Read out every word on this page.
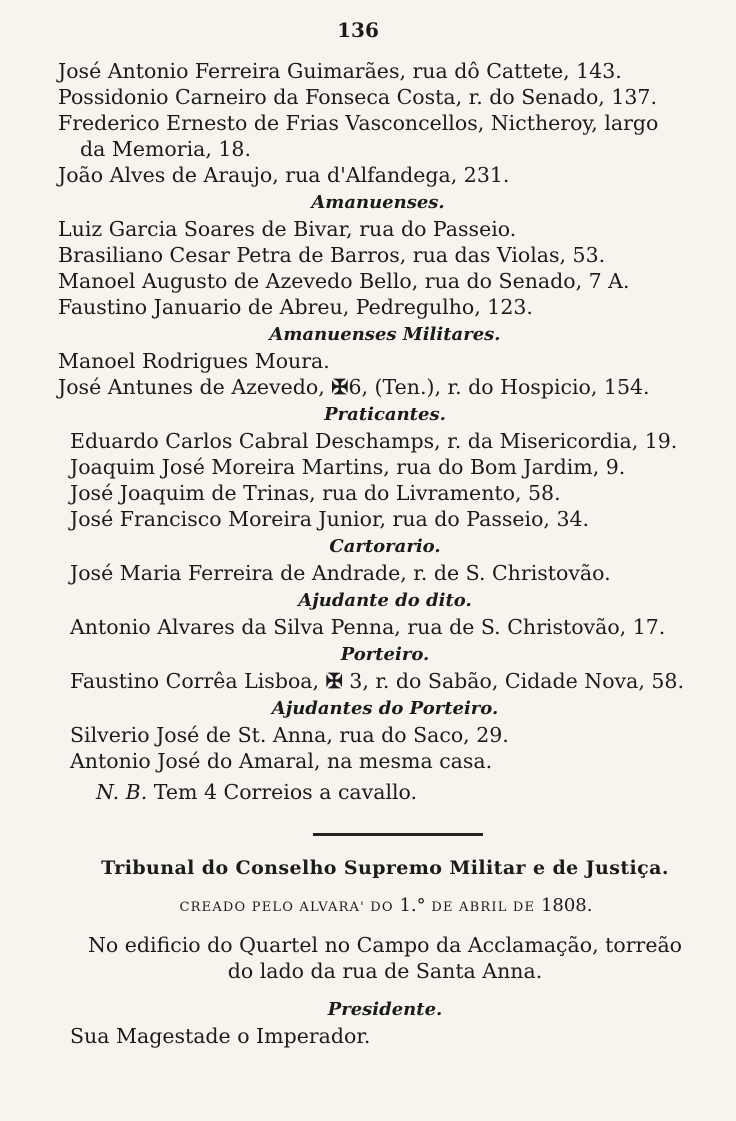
136
José Antonio Ferreira Guimarães, rua dô Cattete, 143.
Possidonio Carneiro da Fonseca Costa, r. do Senado, 137.
Frederico Ernesto de Frias Vasconcellos, Nictheroy, largo
da Memoria, 18.
João Alves de Araujo, rua d'Alfandega, 231.
Amanuenses.
Luiz Garcia Soares de Bivar, rua do Passeio.
Brasiliano Cesar Petra de Barros, rua das Violas, 53.
Manoel Augusto de Azevedo Bello, rua do Senado, 7 A.
Faustino Januario de Abreu, Pedregulho, 123.
Amanuenses Militares.
Manoel Rodrigues Moura.
José Antunes de Azevedo, ✠6, (Ten.), r. do Hospicio, 154.
Praticantes.
Eduardo Carlos Cabral Deschamps, r. da Misericordia, 19.
Joaquim José Moreira Martins, rua do Bom Jardim, 9.
José Joaquim de Trinas, rua do Livramento, 58.
José Francisco Moreira Junior, rua do Passeio, 34.
Cartorario.
José Maria Ferreira de Andrade, r. de S. Christovão.
Ajudante do dito.
Antonio Alvares da Silva Penna, rua de S. Christovão, 17.
Porteiro.
Faustino Corrêa Lisboa, ✠ 3, r. do Sabão, Cidade Nova, 58.
Ajudantes do Porteiro.
Silverio José de St. Anna, rua do Saco, 29.
Antonio José do Amaral, na mesma casa.
N. B. Tem 4 Correios a cavallo.
Tribunal do Conselho Supremo Militar e de Justiça.
CREADO PELO ALVARA' DO 1.° DE ABRIL DE 1808.
No edificio do Quartel no Campo da Acclamação, torreão
do lado da rua de Santa Anna.
Presidente.
Sua Magestade o Imperador.
